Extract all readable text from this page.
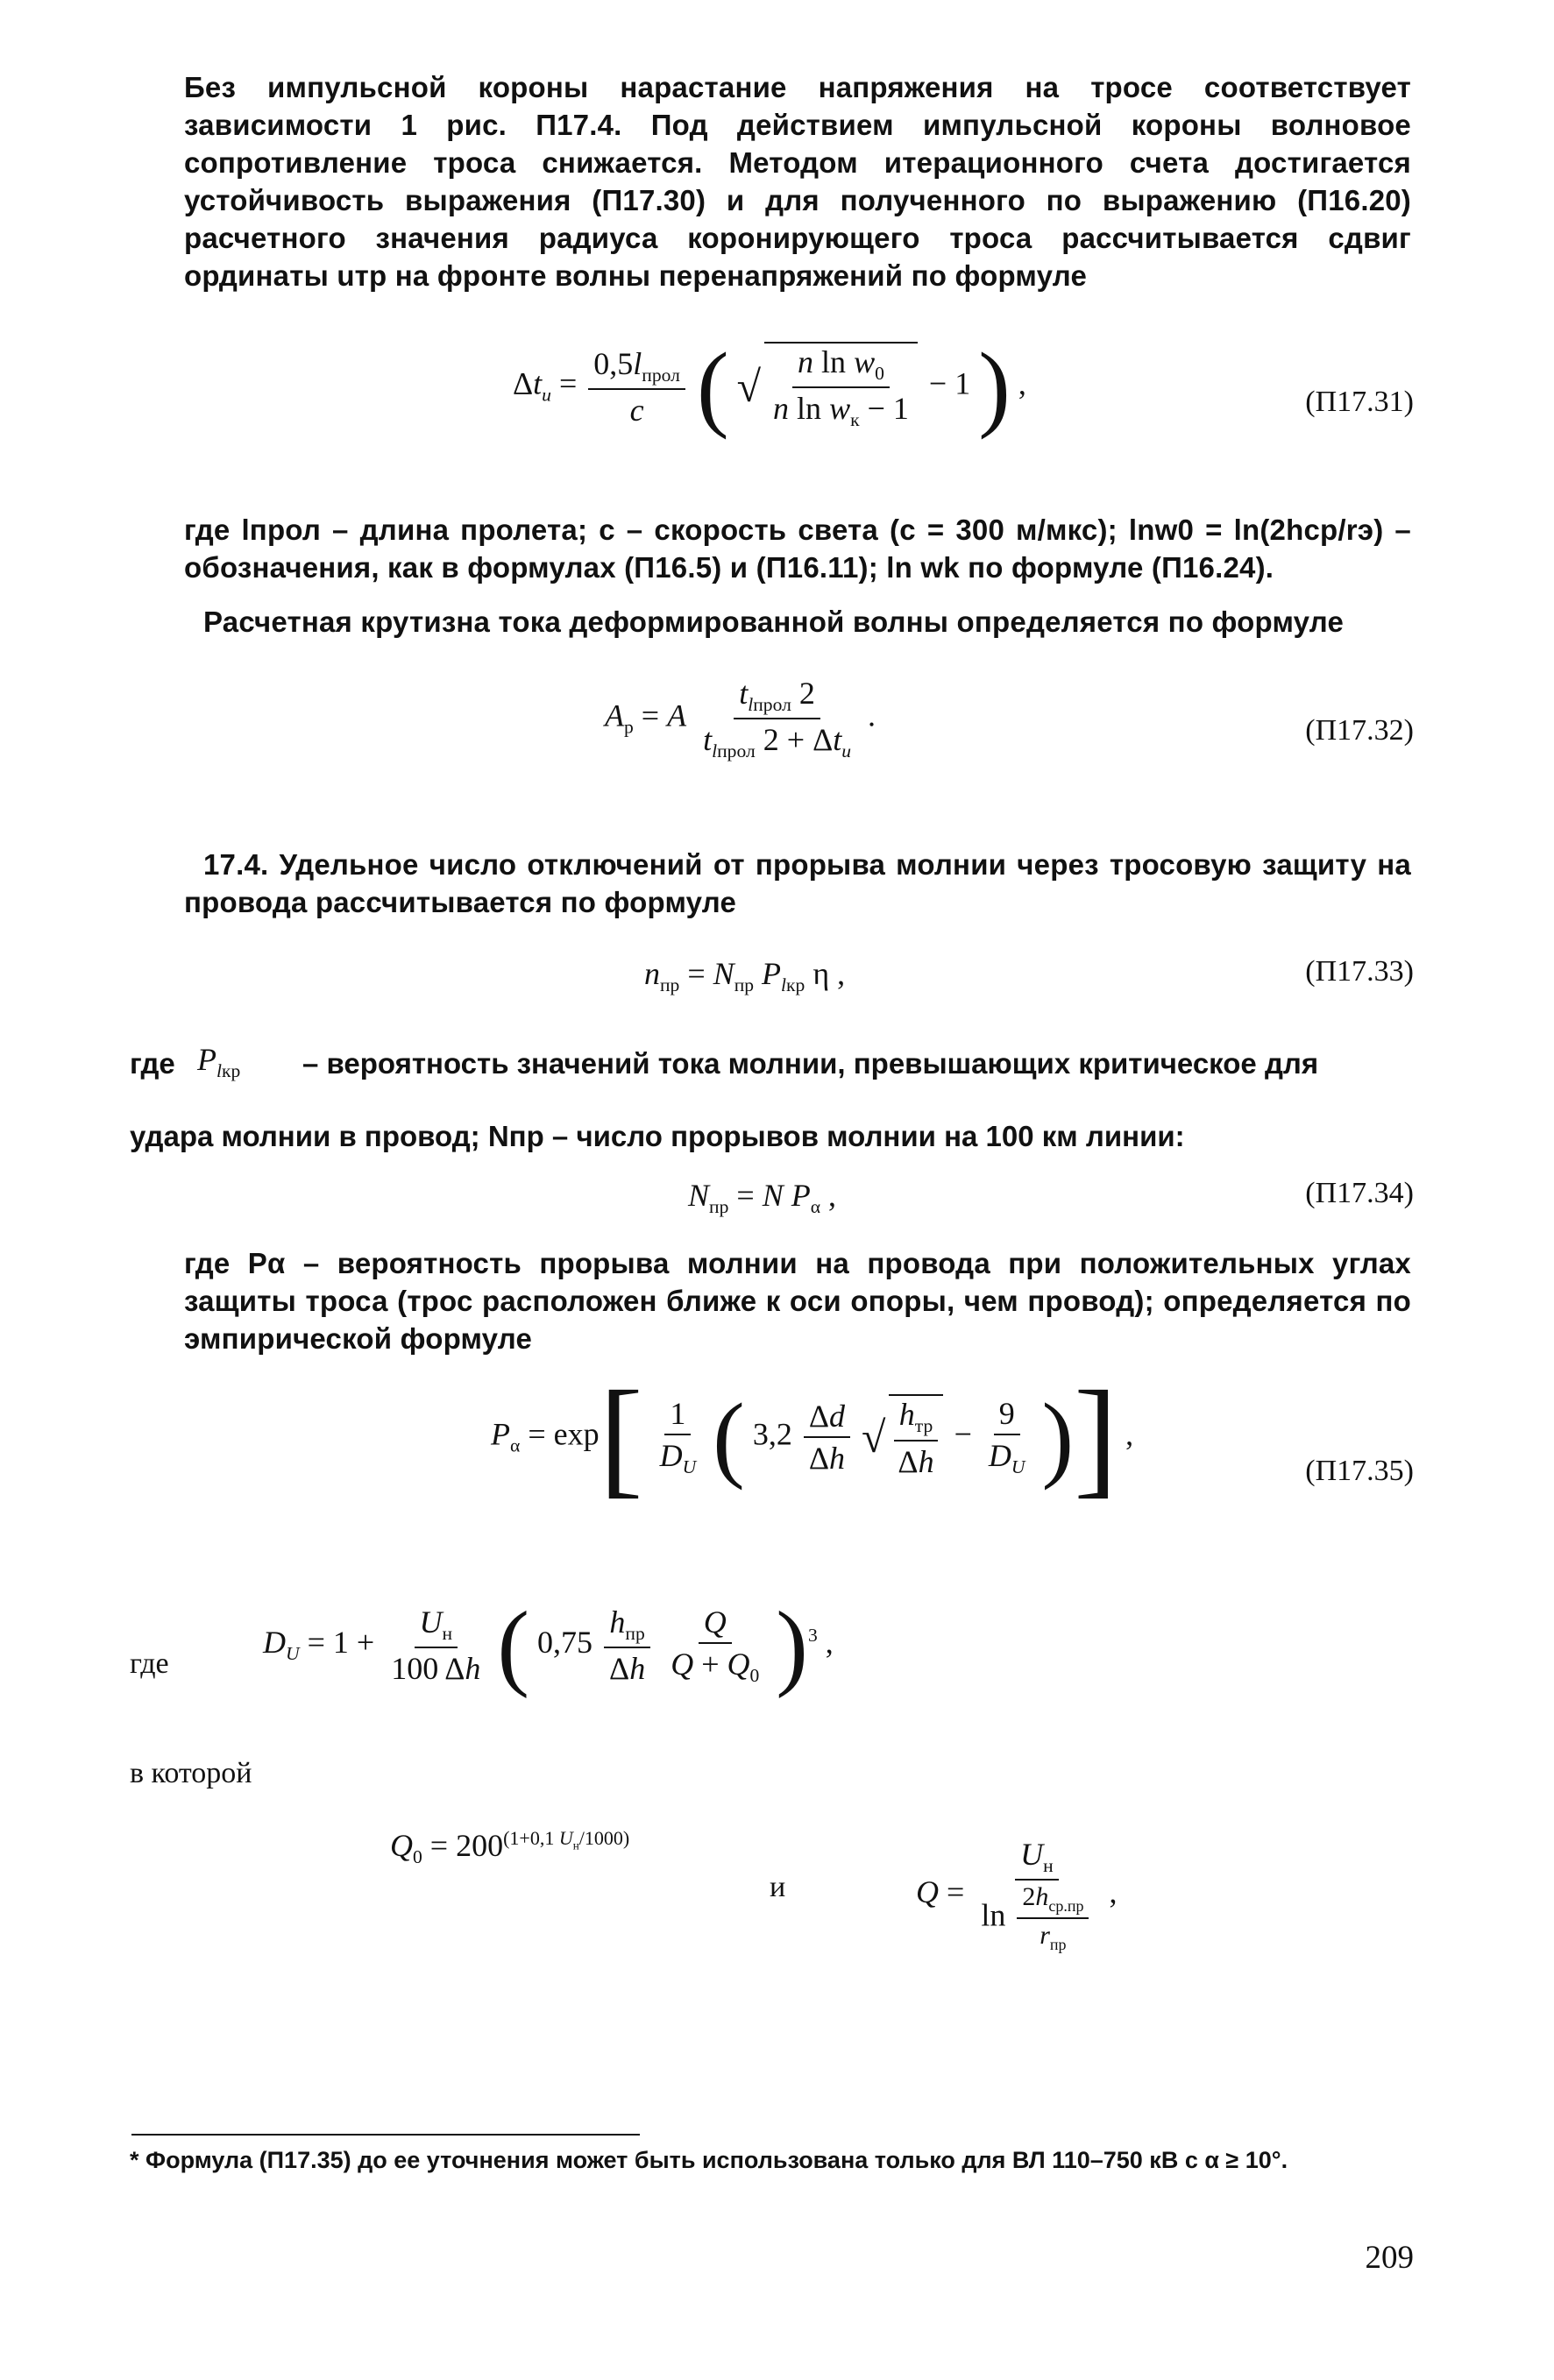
Без импульсной короны нарастание напряжения на тросе соответствует зависимости 1 рис. П17.4. Под действием импульсной короны волновое сопротивление троса снижается. Методом итерационного счета достигается устойчивость выражения (П17.30) и для полученного по выражению (П16.20) расчетного значения радиуса коронирующего троса рассчитывается сдвиг ординаты uтр на фронте волны перенапряжений по формуле
$\Delta t_u = \frac{0,5l_{прол}}{c}$ ( √ $\frac{n \ln w_0}{n \ln w_к - 1} - 1$ ) ,
(П17.31)
где lпрол – длина пролета; c – скорость света (c = 300 м/мкс); lnw0 = ln(2hср/rэ) – обозначения, как в формулах (П16.5) и (П16.11); ln wk по формуле (П16.24).
Расчетная крутизна тока деформированной волны определяется по формуле
$A_р = A \frac{t_{lпрол} 2}{t_{lпрол} 2 + \Delta t_u}$ .	(П17.32)
17.4. Удельное число отключений от прорыва молнии через тросовую защиту на провода рассчитывается по формуле
$n_{пр} = N_{пр}$ $P_{lкр}$ η ,	(П17.33)
где $P_{lкр}$ – вероятность значений тока молнии, превышающих критическое для
удара молнии в провод; Nпр – число прорывов молнии на 100 км линии:
$N_{пр} = N$ $P_\alpha$ ,	(П17.34)
где Pα – вероятность прорыва молнии на провода при положительных углах защиты троса (трос расположен ближе к оси опоры, чем провод); определяется по эмпирической формуле
$P_\alpha = \exp[ \frac{1}{D_U}$ ( $3,2 \frac{\Delta d}{\Delta h}$ √ $\frac{h_{тр}}{\Delta h} - \frac{9}{D_U}$ )] ,
(П17.35)
где
$D_U = 1 + \frac{U_н}{100 \Delta h}$ ( $0,75 \frac{h_{пр}}{\Delta h}$
$\frac{Q}{Q + Q_0} )^3$ ,
в которой
$Q_0 = 200^{(1+0,1 U_н/1000)}$
и	$Q = \frac{U_н}{\ln \frac{2h_{ср.пр}}{r_{пр}}}$ ,
* Формула (П17.35) до ее уточнения может быть использована только для ВЛ 110–750 кВ с α ≥ 10°.
209
